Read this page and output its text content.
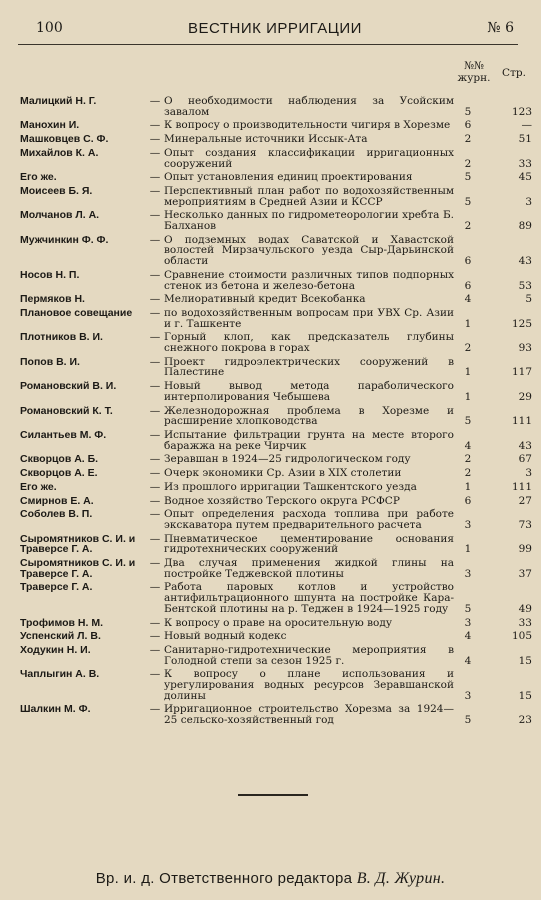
100	ВЕСТНИК ИРРИГАЦИИ	№ 6
№№ журн.	Стр.
Малицкий Н. Г.	— О необходимости наблюдения за Усойским завалом	5	123
Манохин И.	— К вопросу о производительности чигиря в Хорезме	6	—
Машковцев С. Ф.	— Минеральные источники Иссык-Ата	2	51
Михайлов К. А.	— Опыт создания классификации ирригационных сооружений	2	33
Его же.	— Опыт установления единиц проектирования	5	45
Моисеев Б. Я.	— Перспективный план работ по водохозяйственным мероприятиям в Средней Азии и КССР	5	3
Молчанов Л. А.	— Несколько данных по гидрометеорологии хребта Б. Балханов	2	89
Мужчинкин Ф. Ф.	— О подземных водах Саватской и Хавастской волостей Мирзачульского уезда Сыр-Дарьинской области	6	43
Носов Н. П.	— Сравнение стоимости различных типов подпорных стенок из бетона и железо-бетона	6	53
Пермяков Н.	— Мелиоративный кредит Всекобанка	4	5
Плановое совещание	— по водохозяйственным вопросам при УВХ Ср. Азии и г. Ташкенте	1	125
Плотников В. И.	— Горный клоп, как предсказатель глубины снежного покрова в горах	2	93
Попов В. И.	— Проект гидроэлектрических сооружений в Палестине	1	117
Романовский В. И.	— Новый вывод метода параболического интерполирования Чебышева	1	29
Романовский К. Т.	— Железнодорожная проблема в Хорезме и расширение хлопководства	5	111
Силантьев М. Ф.	— Испытание фильтрации грунта на месте второго баражжа на реке Чирчик	4	43
Скворцов А. Б.	— Зеравшан в 1924—25 гидрологическом году	2	67
Скворцов А. Е.	— Очерк экономики Ср. Азии в XIX столетии	2	3
Его же.	— Из прошлого ирригации Ташкентского уезда	1	111
Смирнов Е. А.	— Водное хозяйство Терского округа РСФСР	6	27
Соболев В. П.	— Опыт определения расхода топлива при работе экскаватора путем предварительного расчета	3	73
Сыромятников С. И. и Траверсе Г. А.
— Пневматическое цементирование основания гидротехнических сооружений	1	99
Сыромятников С. И. и Траверсе Г. А.
— Два случая применения жидкой глины на постройке Теджевской плотины	3	37
Траверсе Г. А.	— Работа паровых котлов и устройство антифильтрационного шпунта на постройке Кара-Бентской плотины на р. Теджен в 1924—1925 году	5	49
Трофимов Н. М.	— К вопросу о праве на оросительную воду	3	33
Успенский Л. В.	— Новый водный кодекс	4	105
Ходукин Н. И.	— Санитарно-гидротехнические мероприятия в Голодной степи за сезон 1925 г.	4	15
Чаплыгин А. В.	— К вопросу о плане использования и урегулирования водных ресурсов Зеравшанской долины	3	15
Шалкин М. Ф.	— Ирригационное строительство Хорезма за 1924—25 сельско-хозяйственный год	5	23
Вр. и. д. Ответственного редактора В. Д. Журин.
